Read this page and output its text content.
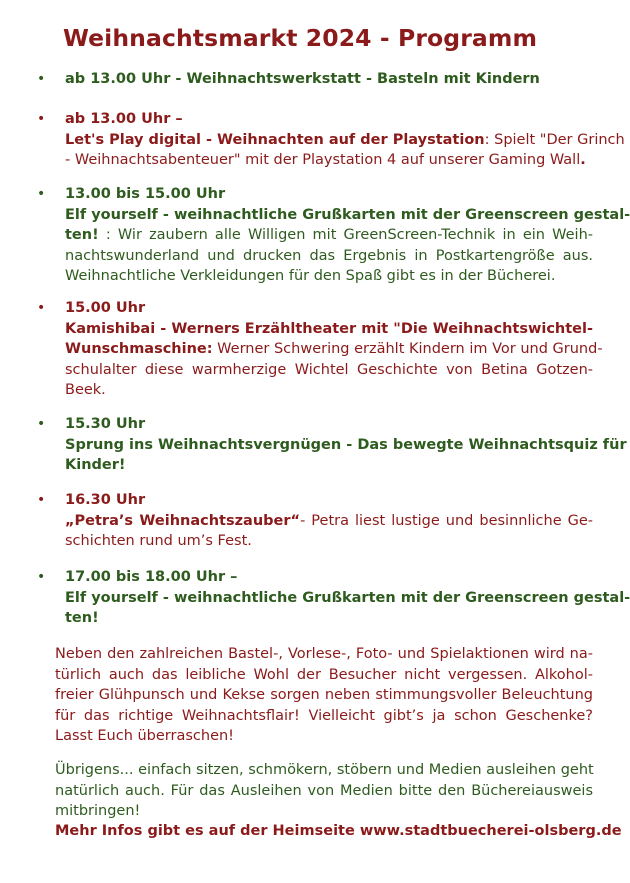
Weihnachtsmarkt 2024 - Programm
• ab 13.00 Uhr - Weihnachtswerkstatt - Basteln mit Kindern
• ab 13.00 Uhr –
Let's Play digital - Weihnachten auf der Playstation: Spielt "Der Grinch
- Weihnachtsabenteuer" mit der Playstation 4 auf unserer Gaming Wall.
• 13.00 bis 15.00 Uhr
Elf yourself - weihnachtliche Grußkarten mit der Greenscreen gestal-
ten! : Wir zaubern alle Willigen mit GreenScreen-Technik in ein Weih-
nachtswunderland und drucken das Ergebnis in Postkartengröße aus.
Weihnachtliche Verkleidungen für den Spaß gibt es in der Bücherei.
• 15.00 Uhr
Kamishibai - Werners Erzähltheater mit "Die Weihnachtswichtel-
Wunschmaschine: Werner Schwering erzählt Kindern im Vor und Grund-
schulalter diese warmherzige Wichtel Geschichte von Betina Gotzen-
Beek.
• 15.30 Uhr
Sprung ins Weihnachtsvergnügen - Das bewegte Weihnachtsquiz für
Kinder!
• 16.30 Uhr
„Petra’s Weihnachtszauber“- Petra liest lustige und besinnliche Ge-
schichten rund um’s Fest.
• 17.00 bis 18.00 Uhr –
Elf yourself - weihnachtliche Grußkarten mit der Greenscreen gestal-
ten!
Neben den zahlreichen Bastel-, Vorlese-, Foto- und Spielaktionen wird na-
türlich auch das leibliche Wohl der Besucher nicht vergessen. Alkohol-
freier Glühpunsch und Kekse sorgen neben stimmungsvoller Beleuchtung
für das richtige Weihnachtsflair! Vielleicht gibt’s ja schon Geschenke?
Lasst Euch überraschen!
Übrigens... einfach sitzen, schmökern, stöbern und Medien ausleihen geht
natürlich auch. Für das Ausleihen von Medien bitte den Büchereiausweis
mitbringen!
Mehr Infos gibt es auf der Heimseite www.stadtbuecherei-olsberg.de
